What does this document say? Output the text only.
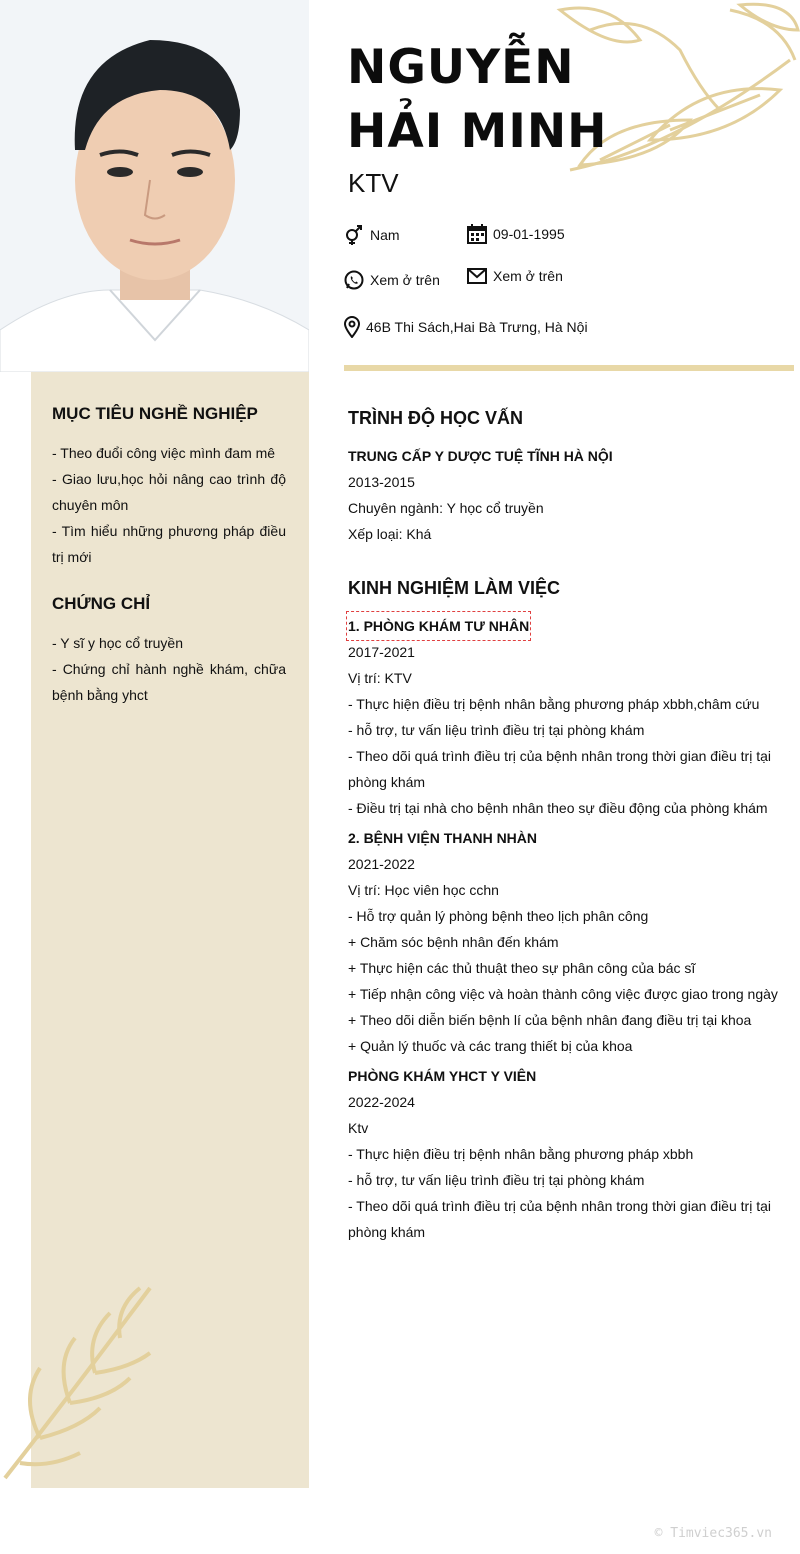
NGUYỄN HẢI MINH
KTV
Nam	09-01-1995
Xem ở trên	Xem ở trên
46B Thi Sách,Hai Bà Trưng, Hà Nội
MỤC TIÊU NGHỀ NGHIỆP

- Theo đuổi công việc mình đam mê

- Giao lưu,học hỏi nâng cao trình độ chuyên môn

- Tìm hiểu những phương pháp điều trị mới

CHỨNG CHỈ

- Y sĩ y học cổ truyền

- Chứng chỉ hành nghề khám, chữa bệnh bằng yhct

TRÌNH ĐỘ HỌC VẤN

TRUNG CẤP Y DƯỢC TUỆ TĨNH HÀ NỘI

2013-2015

Chuyên ngành: Y học cổ truyền

Xếp loại: Khá

KINH NGHIỆM LÀM VIỆC

1. PHÒNG KHÁM TƯ NHÂN

2017-2021

Vị trí: KTV

- Thực hiện điều trị bệnh nhân bằng phương pháp xbbh,châm cứu

- hỗ trợ, tư vấn liệu trình điều trị tại phòng khám

- Theo dõi quá trình điều trị của bệnh nhân trong thời gian điều trị tại phòng khám

- Điều trị tại nhà cho bệnh nhân theo sự điều động của phòng khám

2. BỆNH VIỆN THANH NHÀN

2021-2022

Vị trí: Học viên học cchn

- Hỗ trợ quản lý phòng bệnh theo lịch phân công

+ Chăm sóc bệnh nhân đến khám

+ Thực hiện các thủ thuật theo sự phân công của bác sĩ

+ Tiếp nhận công việc và hoàn thành công việc được giao trong ngày

+ Theo dõi diễn biến bệnh lí của bệnh nhân đang điều trị tại khoa

+ Quản lý thuốc và các trang thiết bị của khoa

PHÒNG KHÁM YHCT Y VIÊN

2022-2024

Ktv

- Thực hiện điều trị bệnh nhân bằng phương pháp xbbh

- hỗ trợ, tư vấn liệu trình điều trị tại phòng khám

- Theo dõi quá trình điều trị của bệnh nhân trong thời gian điều trị tại phòng khám

© Timviec365.vn
